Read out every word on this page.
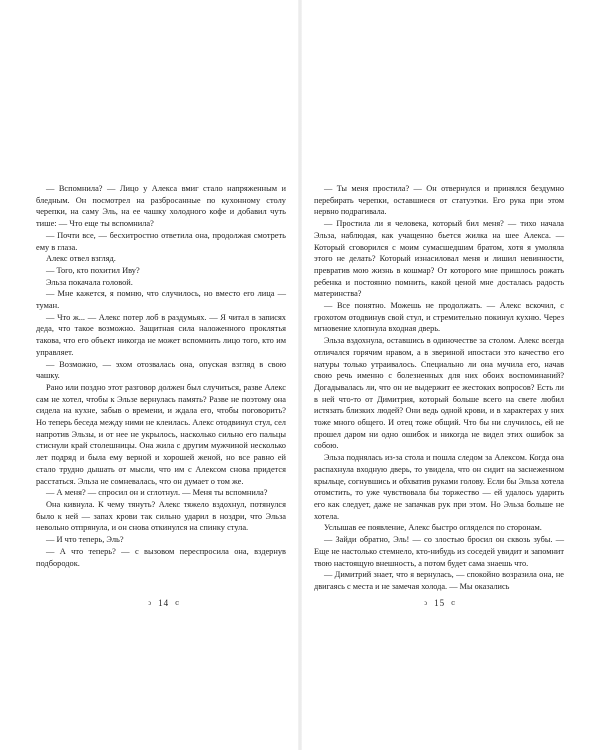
— Вспомнила? — Лицо у Алекса вмиг стало напряженным и бледным. Он посмотрел на разбросанные по кухонному столу черепки, на саму Эль, на ее чашку холодного кофе и добавил чуть тише: — Что еще ты вспомнила?

— Почти все, — бесхитростно ответила она, продолжая смотреть ему в глаза.

Алекс отвел взгляд.

— Того, кто похитил Иву?

Эльза покачала головой.

— Мне кажется, я помню, что случилось, но вместо его лица — туман.

— Что ж... — Алекс потер лоб в раздумьях. — Я читал в записях деда, что такое возможно. Защитная сила наложенного проклятья такова, что его объект никогда не может вспомнить лицо того, кто им управляет.

— Возможно, — эхом отозвалась она, опуская взгляд в свою чашку.

Рано или поздно этот разговор должен был случиться, разве Алекс сам не хотел, чтобы к Эльзе вернулась память? Разве не поэтому она сидела на кухне, забыв о времени, и ждала его, чтобы поговорить? Но теперь беседа между ними не клеилась. Алекс отодвинул стул, сел напротив Эльзы, и от нее не укрылось, насколько сильно его пальцы стиснули край столешницы. Она жила с другим мужчиной несколько лет подряд и была ему верной и хорошей женой, но все равно ей стало трудно дышать от мысли, что им с Алексом снова придется расстаться. Эльза не сомневалась, что он думает о том же.

— А меня? — спросил он и сглотнул. — Меня ты вспомнила?

Она кивнула. К чему тянуть? Алекс тяжело вздохнул, потянулся было к ней — запах крови так сильно ударил в ноздри, что Эльза невольно отпрянула, и он снова откинулся на спинку стула.

— И что теперь, Эль?

— А что теперь? — с вызовом переспросила она, вздернув подбородок.

ↄ 14 ⅽ

— Ты меня простила? — Он отвернулся и принялся бездумно перебирать черепки, оставшиеся от статуэтки. Его рука при этом нервно подрагивала.

— Простила ли я человека, который бил меня? — тихо начала Эльза, наблюдая, как учащенно бьется жилка на шее Алекса. — Который сговорился с моим сумасшедшим братом, хотя я умоляла этого не делать? Который изнасиловал меня и лишил невинности, превратив мою жизнь в кошмар? От которого мне пришлось рожать ребенка и постоянно помнить, какой ценой мне досталась радость материнства?

— Все понятно. Можешь не продолжать. — Алекс вскочил, с грохотом отодвинув свой стул, и стремительно покинул кухню. Через мгновение хлопнула входная дверь.

Эльза вздохнула, оставшись в одиночестве за столом. Алекс всегда отличался горячим нравом, а в звериной ипостаси это качество его натуры только утраивалось. Специально ли она мучила его, начав свою речь именно с болезненных для них обоих воспоминаний? Догадывалась ли, что он не выдержит ее жестоких вопросов? Есть ли в ней что-то от Димитрия, который больше всего на свете любил истязать близких людей? Они ведь одной крови, и в характерах у них тоже много общего. И отец тоже общий. Что бы ни случилось, ей не прошел даром ни одно ошибок и никогда не видел этих ошибок за собою.

Эльза поднялась из-за стола и пошла следом за Алексом. Когда она распахнула входную дверь, то увидела, что он сидит на заснеженном крыльце, согнувшись и обхватив руками голову. Если бы Эльза хотела отомстить, то уже чувствовала бы торжество — ей удалось ударить его как следует, даже не запачкав рук при этом. Но Эльза больше не хотела.

Услышав ее появление, Алекс быстро огляделся по сторонам.

— Зайди обратно, Эль! — со злостью бросил он сквозь зубы. — Еще не настолько стемнело, кто-нибудь из соседей увидит и запомнит твою настоящую внешность, а потом будет сама знаешь что.

— Димитрий знает, что я вернулась, — спокойно возразила она, не двигаясь с места и не замечая холода. — Мы оказались

ↄ 15 ⅽ
